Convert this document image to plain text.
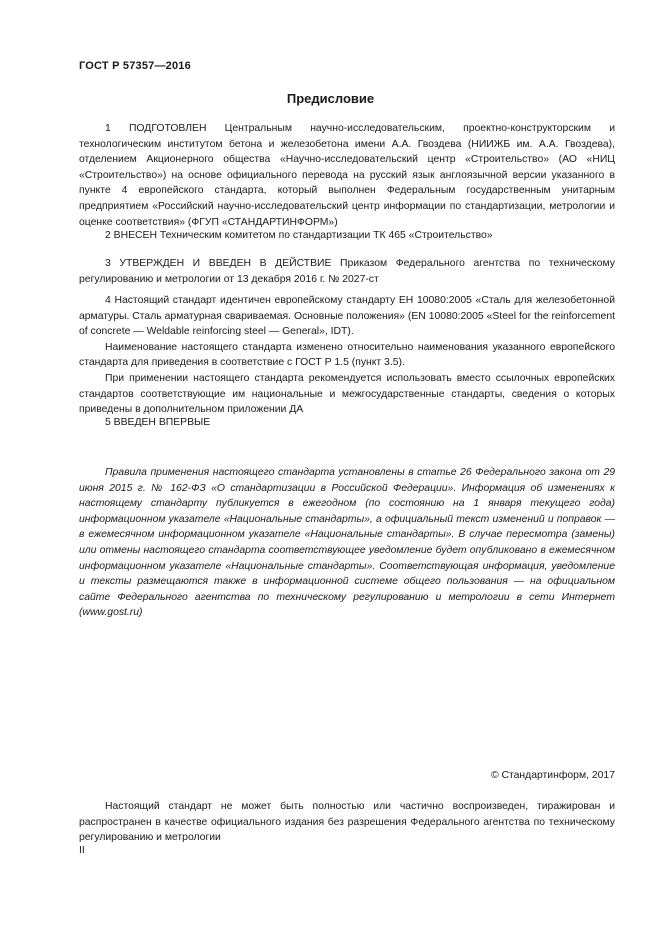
ГОСТ Р 57357—2016
Предисловие

1 ПОДГОТОВЛЕН Центральным научно-исследовательским, проектно-конструкторским и технологическим институтом бетона и железобетона имени А.А. Гвоздева (НИИЖБ им. А.А. Гвоздева), отделением Акционерного общества «Научно-исследовательский центр «Строительство» (АО «НИЦ «Строительство») на основе официального перевода на русский язык англоязычной версии указанного в пункте 4 европейского стандарта, который выполнен Федеральным государственным унитарным предприятием «Российский научно-исследовательский центр информации по стандартизации, метрологии и оценке соответствия» (ФГУП «СТАНДАРТИНФОРМ»)

2 ВНЕСЕН Техническим комитетом по стандартизации ТК 465 «Строительство»

3 УТВЕРЖДЕН И ВВЕДЕН В ДЕЙСТВИЕ Приказом Федерального агентства по техническому регулированию и метрологии от 13 декабря 2016 г. № 2027-ст

4 Настоящий стандарт идентичен европейскому стандарту ЕН 10080:2005 «Сталь для железобетонной арматуры. Сталь арматурная свариваемая. Основные положения» (EN 10080:2005 «Steel for the reinforcement of concrete — Weldable reinforcing steel — General», IDT).

Наименование настоящего стандарта изменено относительно наименования указанного европейского стандарта для приведения в соответствие с ГОСТ Р 1.5 (пункт 3.5).

При применении настоящего стандарта рекомендуется использовать вместо ссылочных европейских стандартов соответствующие им национальные и межгосударственные стандарты, сведения о которых приведены в дополнительном приложении ДА

5 ВВЕДЕН ВПЕРВЫЕ

Правила применения настоящего стандарта установлены в статье 26 Федерального закона от 29 июня 2015 г. № 162-ФЗ «О стандартизации в Российской Федерации». Информация об изменениях к настоящему стандарту публикуется в ежегодном (по состоянию на 1 января текущего года) информационном указателе «Национальные стандарты», а официальный текст изменений и поправок — в ежемесячном информационном указателе «Национальные стандарты». В случае пересмотра (замены) или отмены настоящего стандарта соответствующее уведомление будет опубликовано в ежемесячном информационном указателе «Национальные стандарты». Соответствующая информация, уведомление и тексты размещаются также в информационной системе общего пользования — на официальном сайте Федерального агентства по техническому регулированию и метрологии в сети Интернет (www.gost.ru)

© Стандартинформ, 2017

Настоящий стандарт не может быть полностью или частично воспроизведен, тиражирован и распространен в качестве официального издания без разрешения Федерального агентства по техническому регулированию и метрологии

II
